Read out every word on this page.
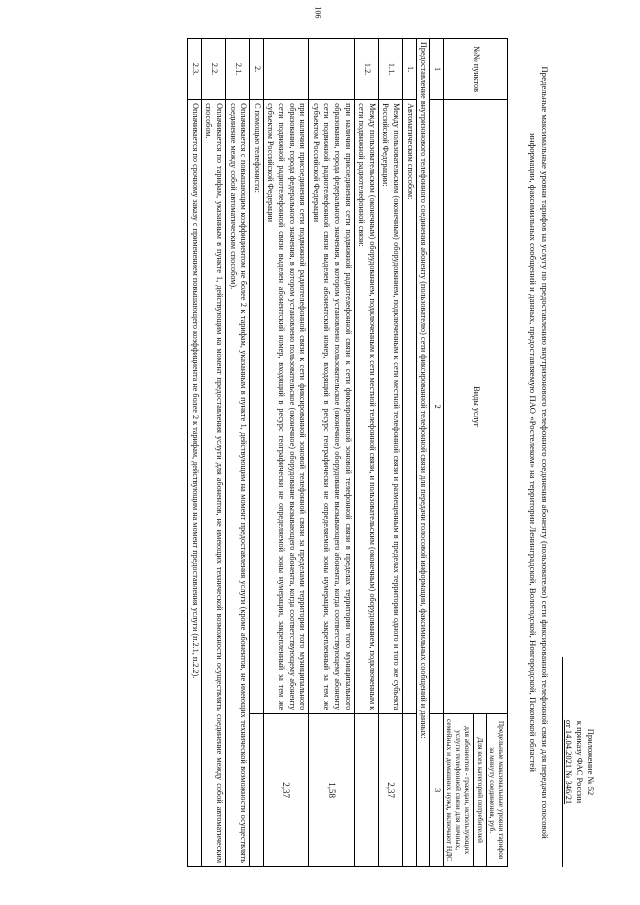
106
Приложение № 52
к приказу ФАС России
от 14.04.2021 № 346/21

Предельные максимальные уровни тарифов на услугу по предоставлению внутризонового телефонного соединения абоненту (пользователю) сети фиксированной телефонной связи для передачи голосовой информации, факсимильных сообщений и данных, предоставляемую ПАО «Ростелеком» на территории Ленинградской, Вологодской, Новгородской, Псковской областей

№№ пунктов	Виды услуг	Предельные максимальные уровни тарифов за минуту соединения, руб.
		Для всех категорий потребителей
		для абонентов - граждан, использующих услуги телефонной связи для личных, семейных и домашних нужд, включают НДС
1	2	3
Предоставление внутризонового телефонного соединения абоненту (пользователю) сети фиксированной телефонной связи для передачи голосовой информации, факсимильных сообщений и данных:		
1.	Автоматическим способом:	
1.1.	Между пользовательским (оконечным) оборудованием, подключенным к сети местной телефонной связи и размещенным в пределах территории одного и того же субъекта Российской Федерации:	2,37
1.2.	Между пользовательским (оконечным) оборудованием, подключенным к сети местной телефонной связи, и пользовательским (оконечным) оборудованием, подключенным к сети подвижной радиотелефонной связи:	
	при наличии присоединения сети подвижной радиотелефонной связи к сети фиксированной зоновой телефонной связи в пределах территории того муниципального образования, города федерального значения, в котором установлено пользовательское (оконечное) оборудование вызывающего абонента, когда соответствующему абоненту сети подвижной радиотелефонной связи выделен абонентский номер, входящий в ресурс географически не определяемой зоны нумерации, закрепленный за тем же субъектом Российской Федерации	1,58
	при наличии присоединения сети подвижной радиотелефонной связи к сети фиксированной зоновой телефонной связи за пределами территории того муниципального образования, города федерального значения, в котором установлено пользовательское (оконечное) оборудование вызывающего абонента, когда соответствующему абоненту сети подвижной радиотелефонной связи выделен абонентский номер, входящий в ресурс географически не определяемой зоны нумерации, закрепленный за тем же субъектом Российской Федерации	2,37
2.	С помощью телефониста:	
2.1.	Оплачивается с повышающим коэффициентом не более 2 к тарифам, указанным в пункте 1, действующим на момент предоставления услуги (кроме абонентов, не имеющих технической возможности осуществлять соединение между собой автоматическим способом).	
2.2.	Оплачивается по тарифам, указанным в пункте 1, действующим на момент предоставления услуги для абонентов, не имеющих технической возможности осуществлять соединение между собой автоматическим способом.	
2.3.	Оплачивается по срочному заказу с применением повышающего коэффициента не более 2 к тарифам, действующим на момент предоставления услуги (п.2.1, п.2.2).	
